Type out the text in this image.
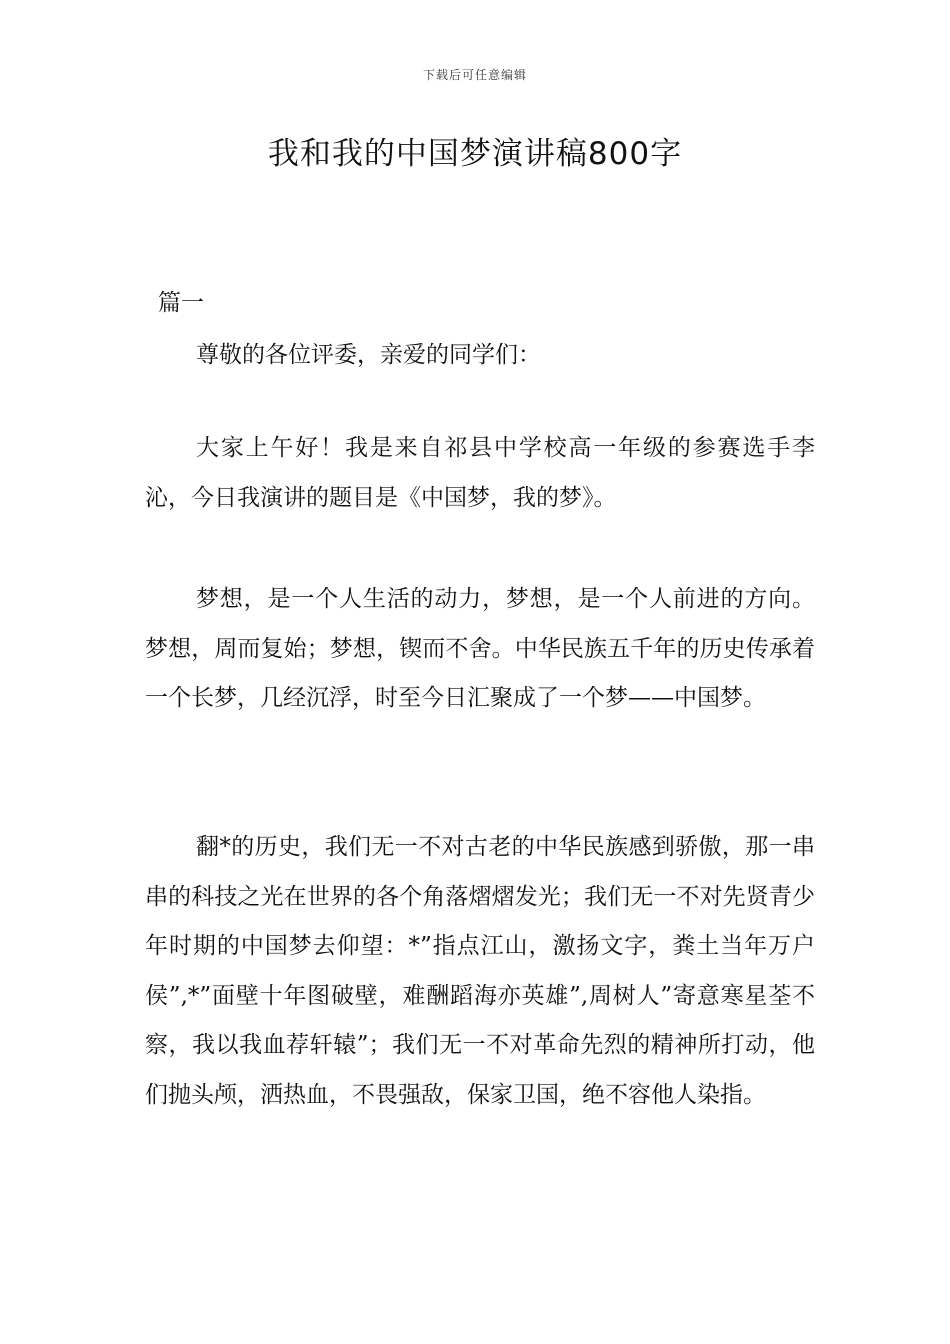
下载后可任意编辑
我和我的中国梦演讲稿800字
篇一
尊敬的各位评委，亲爱的同学们：

大家上午好！我是来自祁县中学校高一年级的参赛选手李沁，今日我演讲的题目是《中国梦，我的梦》。

梦想，是一个人生活的动力，梦想，是一个人前进的方向。梦想，周而复始；梦想，锲而不舍。中华民族五千年的历史传承着一个长梦，几经沉浮，时至今日汇聚成了一个梦——中国梦。

翻*的历史，我们无一不对古老的中华民族感到骄傲，那一串串的科技之光在世界的各个角落熠熠发光；我们无一不对先贤青少年时期的中国梦去仰望：*”指点江山，激扬文字，粪土当年万户侯”,*”面壁十年图破壁，难酬蹈海亦英雄”,周树人”寄意寒星荃不察，我以我血荐轩辕”；我们无一不对革命先烈的精神所打动，他们抛头颅，洒热血，不畏强敌，保家卫国，绝不容他人染指。
